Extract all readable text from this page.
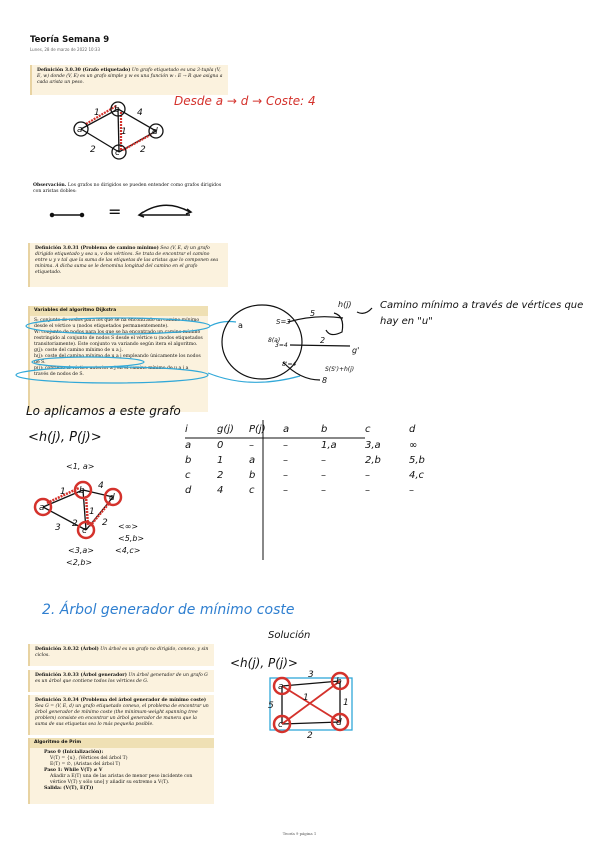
Teoría Semana 9
Lunes, 28 de marzo de 2022 10:33
Definición 3.0.30 (Grafo etiquetado) Un grafo etiquetado es una 3-tupla (V, E, w) donde (V, E) es un grafo simple y w es una función w : E → R que asigna a cada arista un peso.
Desde a → d → Coste: 4
Observación. Los grafos no dirigidos se pueden entender como grafos dirigidos con aristas dobles:
=
Definición 3.0.31 (Problema de camino mínimo) Sea (V, E, d) un grafo dirigido etiquetado y sea u, v dos vértices. Se trata de encontrar el camino entre u y v tal que la suma de las etiquetas de las aristas que lo componen sea mínima. A dicha suma se le denomina longitud del camino en el grafo etiquetado.
Variables del algoritmo Dijkstra
S: conjunto de nodos para los que se ha encontrado un camino mínimo desde el vértice u (nodos etiquetados permanentemente).
W: conjunto de nodos para los que se ha encontrado un camino mínimo restringido al conjunto de nodos S desde el vértice u (nodos etiquetados transitoriamente). Este conjunto va variando según itera el algoritmo.
g(j): coste del camino mínimo de u a j.
h(j): coste del camino mínimo de u a j empleando únicamente los nodos de S.
p(j): contiene el vértice anterior a j en el camino mínimo de u a j a través de nodos de S.
Camino mínimo a través de vértices que hay en "u"
Lo aplicamos a este grafo
<h(j), P(j)>
i	g(j)	P(j)	a	b	c	d
a	0	–	–	1,a	3,a	∞
b	1	a	–	–	2,b	5,b
c	2	b	–	–	–	4,c
d	4	c	–	–	–	–
<1, a>
<3,a>
<2,b>
<∞>
<5,b>
<4,c>
h(j)
5
S=3
8(a)
3=4
2
8'=4
g'
8
S(S')+h(j)
2. Árbol generador de mínimo coste
Solución
<h(j), P(j)>
Definición 3.0.32 (Árbol) Un árbol es un grafo no dirigido, conexo, y sin ciclos.
Definición 3.0.33 (Árbol generador) Un árbol generador de un grafo G es un árbol que contiene todos los vértices de G.
Definición 3.0.34 (Problema del árbol generador de mínimo coste) Sea G = (V, E, d) un grafo etiquetado conexo, el problema de encontrar un árbol generador de mínimo coste (the minimum-weight spanning tree problem) consiste en encontrar un árbol generador de manera que la suma de sus etiquetas sea lo más pequeña posible.
Algoritmo de Prim
Paso 0 (Inicialización):
V(T) = {u}, (Vértices del árbol T)
E(T) = ∅, (Aristas del árbol T)
Paso 1: While V(T) ≠ V
Añadir a E(T) una de las aristas de menor peso incidente con vértice V(T) y sólo uno] y añadir su extremo a V(T).
Salida: (V(T), E(T))
Teoría 9 página 1
a
b
d
c
1	4
1
2	2
a
a
b
d
c
1
4
1
3 2	2
a	b
c	d
3
5	1
2
1
